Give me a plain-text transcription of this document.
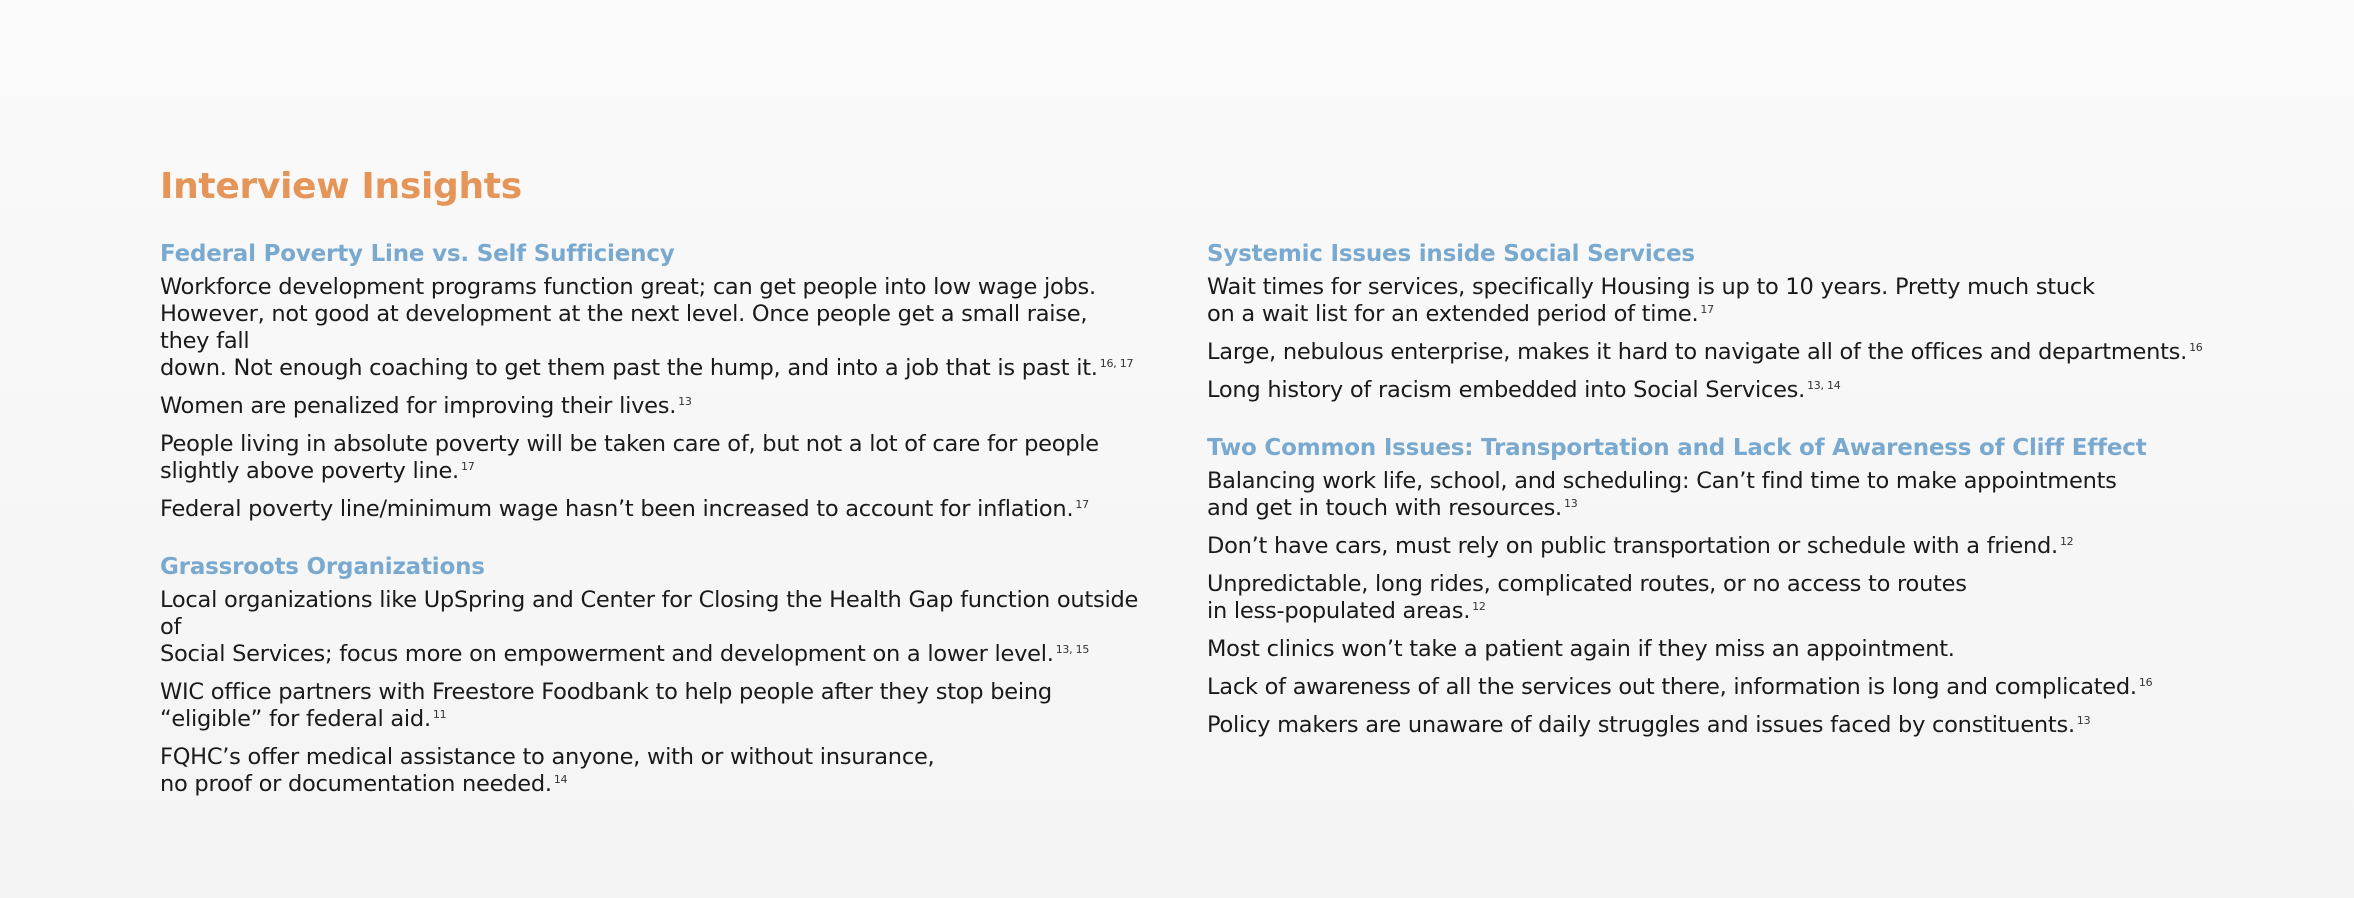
Interview Insights
Federal Poverty Line vs. Self Sufficiency

Workforce development programs function great; can get people into low wage jobs.
However, not good at development at the next level. Once people get a small raise, they fall
down. Not enough coaching to get them past the hump, and into a job that is past it. $^{16, 17}$

Women are penalized for improving their lives. $^{13}$

People living in absolute poverty will be taken care of, but not a lot of care for people
slightly above poverty line. $^{17}$

Federal poverty line/minimum wage hasn’t been increased to account for inflation. $^{17}$

Grassroots Organizations

Local organizations like UpSpring and Center for Closing the Health Gap function outside of
Social Services; focus more on empowerment and development on a lower level. $^{13, 15}$

WIC office partners with Freestore Foodbank to help people after they stop being
“eligible” for federal aid. $^{11}$

FQHC’s offer medical assistance to anyone, with or without insurance,
no proof or documentation needed. $^{14}$

Systemic Issues inside Social Services

Wait times for services, specifically Housing is up to 10 years. Pretty much stuck
on a wait list for an extended period of time. $^{17}$

Large, nebulous enterprise, makes it hard to navigate all of the offices and departments. $^{16}$

Long history of racism embedded into Social Services. $^{13, 14}$

Two Common Issues: Transportation and Lack of Awareness of Cliff Effect

Balancing work life, school, and scheduling: Can’t find time to make appointments
and get in touch with resources. $^{13}$

Don’t have cars, must rely on public transportation or schedule with a friend. $^{12}$

Unpredictable, long rides, complicated routes, or no access to routes
in less-populated areas. $^{12}$

Most clinics won’t take a patient again if they miss an appointment.

Lack of awareness of all the services out there, information is long and complicated. $^{16}$

Policy makers are unaware of daily struggles and issues faced by constituents. $^{13}$
